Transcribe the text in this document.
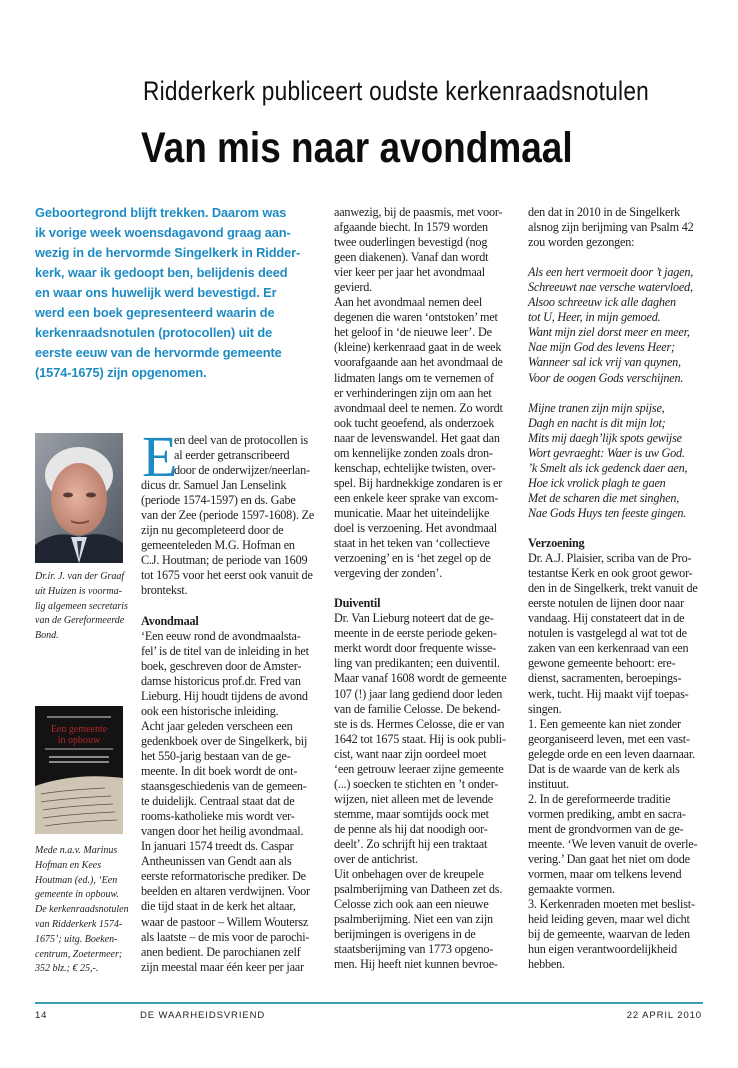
Ridderkerk publiceert oudste kerkenraadsnotulen
Van mis naar avondmaal
Geboortegrond blijft trekken. Daarom was
ik vorige week woensdagavond graag aan-
wezig in de hervormde Singelkerk in Ridder-
kerk, waar ik gedoopt ben, belijdenis deed
en waar ons huwelijk werd bevestigd. Er
werd een boek gepresenteerd waarin de
kerkenraadsnotulen (protocollen) uit de
eerste eeuw van de hervormde gemeente
(1574-1675) zijn opgenomen.
Dr.ir. J. van der Graaf
uit Huizen is voorma-
lig algemeen secretaris
van de Gereformeerde
Bond.
Een gemeente
in opbouw
Mede n.a.v. Marinus
Hofman en Kees
Houtman (ed.), ‘Een
gemeente in opbouw.
De kerkenraadsnotulen
van Ridderkerk 1574-
1675’; uitg. Boeken-
centrum, Zoetermeer;
352 blz.; € 25,-.
E
en deel van de protocollen is
al eerder getranscribeerd
door de onderwijzer/neerlan-
dicus dr. Samuel Jan Lenselink
(periode 1574-1597) en ds. Gabe
van der Zee (periode 1597-1608). Ze
zijn nu gecompleteerd door de
gemeenteleden M.G. Hofman en
C.J. Houtman; de periode van 1609
tot 1675 voor het eerst ook vanuit de
brontekst.
Avondmaal
‘Een eeuw rond de avondmaalsta-
fel’ is de titel van de inleiding in het
boek, geschreven door de Amster-
damse historicus prof.dr. Fred van
Lieburg. Hij houdt tijdens de avond
ook een historische inleiding.
Acht jaar geleden verscheen een
gedenkboek over de Singelkerk, bij
het 550-jarig bestaan van de ge-
meente. In dit boek wordt de ont-
staansgeschiedenis van de gemeen-
te duidelijk. Centraal staat dat de
rooms-katholieke mis wordt ver-
vangen door het heilig avondmaal.
In januari 1574 treedt ds. Caspar
Antheunissen van Gendt aan als
eerste reformatorische prediker. De
beelden en altaren verdwijnen. Voor
die tijd staat in de kerk het altaar,
waar de pastoor – Willem Woutersz
als laatste – de mis voor de parochi-
anen bedient. De parochianen zelf
zijn meestal maar één keer per jaar
aanwezig, bij de paasmis, met voor-
afgaande biecht. In 1579 worden
twee ouderlingen bevestigd (nog
geen diakenen). Vanaf dan wordt
vier keer per jaar het avondmaal
gevierd.
Aan het avondmaal nemen deel
degenen die waren ‘ontstoken’ met
het geloof in ‘de nieuwe leer’. De
(kleine) kerkenraad gaat in de week
voorafgaande aan het avondmaal de
lidmaten langs om te vernemen of
er verhinderingen zijn om aan het
avondmaal deel te nemen. Zo wordt
ook tucht geoefend, als onderzoek
naar de levenswandel. Het gaat dan
om kennelijke zonden zoals dron-
kenschap, echtelijke twisten, over-
spel. Bij hardnekkige zondaren is er
een enkele keer sprake van excom-
municatie. Maar het uiteindelijke
doel is verzoening. Het avondmaal
staat in het teken van ‘collectieve
verzoening’ en is ‘het zegel op de
vergeving der zonden’.
Duiventil
Dr. Van Lieburg noteert dat de ge-
meente in de eerste periode geken-
merkt wordt door frequente wisse-
ling van predikanten; een duiventil.
Maar vanaf 1608 wordt de gemeente
107 (!) jaar lang gediend door leden
van de familie Celosse. De bekend-
ste is ds. Hermes Celosse, die er van
1642 tot 1675 staat. Hij is ook publi-
cist, want naar zijn oordeel moet
‘een getrouw leeraer zijne gemeente
(...) soecken te stichten en ’t onder-
wijzen, niet alleen met de levende
stemme, maar somtijds oock met
de penne als hij dat noodigh oor-
deelt’. Zo schrijft hij een traktaat
over de antichrist.
Uit onbehagen over de kreupele
psalmberijming van Datheen zet ds.
Celosse zich ook aan een nieuwe
psalmberijming. Niet een van zijn
berijmingen is overigens in de
staatsberijming van 1773 opgeno-
men. Hij heeft niet kunnen bevroe-
den dat in 2010 in de Singelkerk
alsnog zijn berijming van Psalm 42
zou worden gezongen:
Als een hert vermoeit door ’t jagen,
Schreeuwt nae versche watervloed,
Alsoo schreeuw ick alle daghen
tot U, Heer, in mijn gemoed.
Want mijn ziel dorst meer en meer,
Nae mijn God des levens Heer;
Wanneer sal ick vrij van quynen,
Voor de oogen Gods verschijnen.
Mijne tranen zijn mijn spijse,
Dagh en nacht is dit mijn lot;
Mits mij daegh’lijk spots gewijse
Wort gevraeght: Waer is uw God.
’k Smelt als ick gedenck daer aen,
Hoe ick vrolick plagh te gaen
Met de scharen die met singhen,
Nae Gods Huys ten feeste gingen.
Verzoening
Dr. A.J. Plaisier, scriba van de Pro-
testantse Kerk en ook groot gewor-
den in de Singelkerk, trekt vanuit de
eerste notulen de lijnen door naar
vandaag. Hij constateert dat in de
notulen is vastgelegd al wat tot de
zaken van een kerkenraad van een
gewone gemeente behoort: ere-
dienst, sacramenten, beroepings-
werk, tucht. Hij maakt vijf toepas-
singen.
1. Een gemeente kan niet zonder
georganiseerd leven, met een vast-
gelegde orde en een leven daarnaar.
Dat is de waarde van de kerk als
instituut.
2. In de gereformeerde traditie
vormen prediking, ambt en sacra-
ment de grondvormen van de ge-
meente. ‘We leven vanuit de overle-
vering.’ Dan gaat het niet om dode
vormen, maar om telkens levend
gemaakte vormen.
3. Kerkenraden moeten met beslist-
heid leiding geven, maar wel dicht
bij de gemeente, waarvan de leden
hun eigen verantwoordelijkheid
hebben.
14	DE WAARHEIDSVRIEND	22 APRIL 2010
